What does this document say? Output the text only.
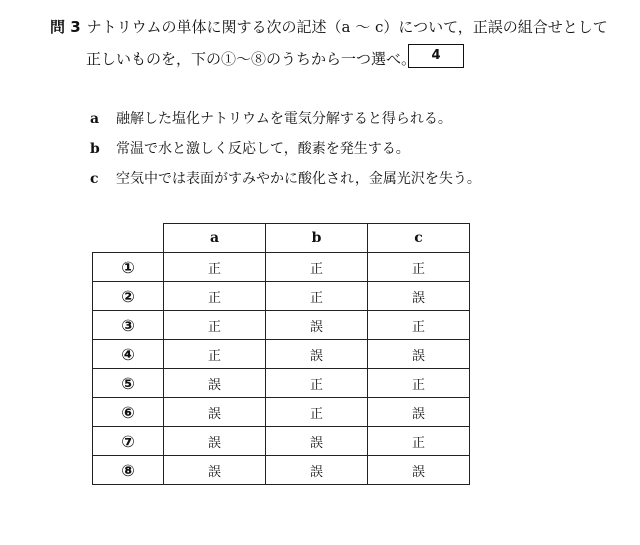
問 3 ナトリウムの単体に関する次の記述（a ～ c）について，正誤の組合せとして
正しいものを，下の①～⑧のうちから一つ選べ。	4
a 融解した塩化ナトリウムを電気分解すると得られる。
b 常温で水と激しく反応して，酸素を発生する。
c 空気中では表面がすみやかに酸化され，金属光沢を失う。
	a	b	c
①	正	正	正
②	正	正	誤
③	正	誤	正
④	正	誤	誤
⑤	誤	正	正
⑥	誤	正	誤
⑦	誤	誤	正
⑧	誤	誤	誤
